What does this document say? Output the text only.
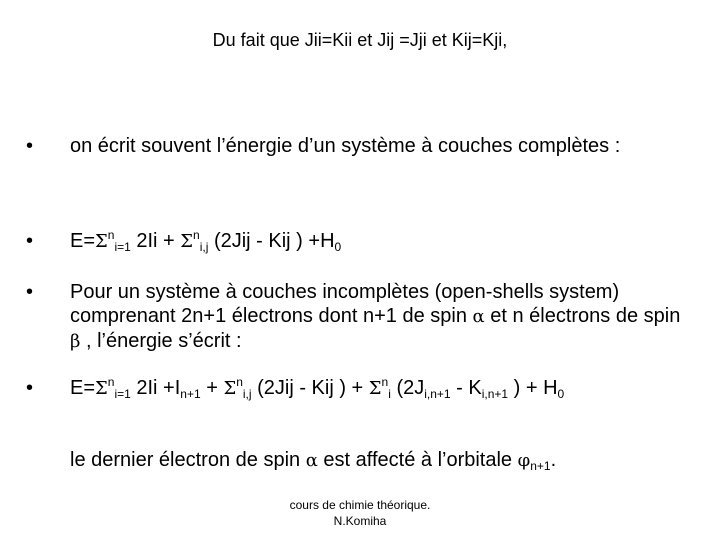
Du fait que Jii=Kii et Jij =Jji et Kij=Kji,
•	on écrit souvent l’énergie d’un système à couches complètes :
•	$E=\Sigma^n_{i=1}$ $2Ii + \Sigma^n_{i,j}$ (2Jij - Kij ) $+H_0$
•	Pour un système à couches incomplètes (open-shells system) comprenant 2n+1 électrons dont n+1 de spin α et n électrons de spin β , l’énergie s’écrit :
•	$E=\Sigma^n_{i=1}$ $2Ii +I_{n+1} + \Sigma^n_{i,j}$ (2Jij - Kij ) + $\Sigma^n_i$ ($2J_{i,n+1} - K_{i,n+1}$ ) + $H_0$
le dernier électron de spin α est affecté à l’orbitale $\varphi_{n+1}$.
cours de chimie théorique.
N.Komiha
